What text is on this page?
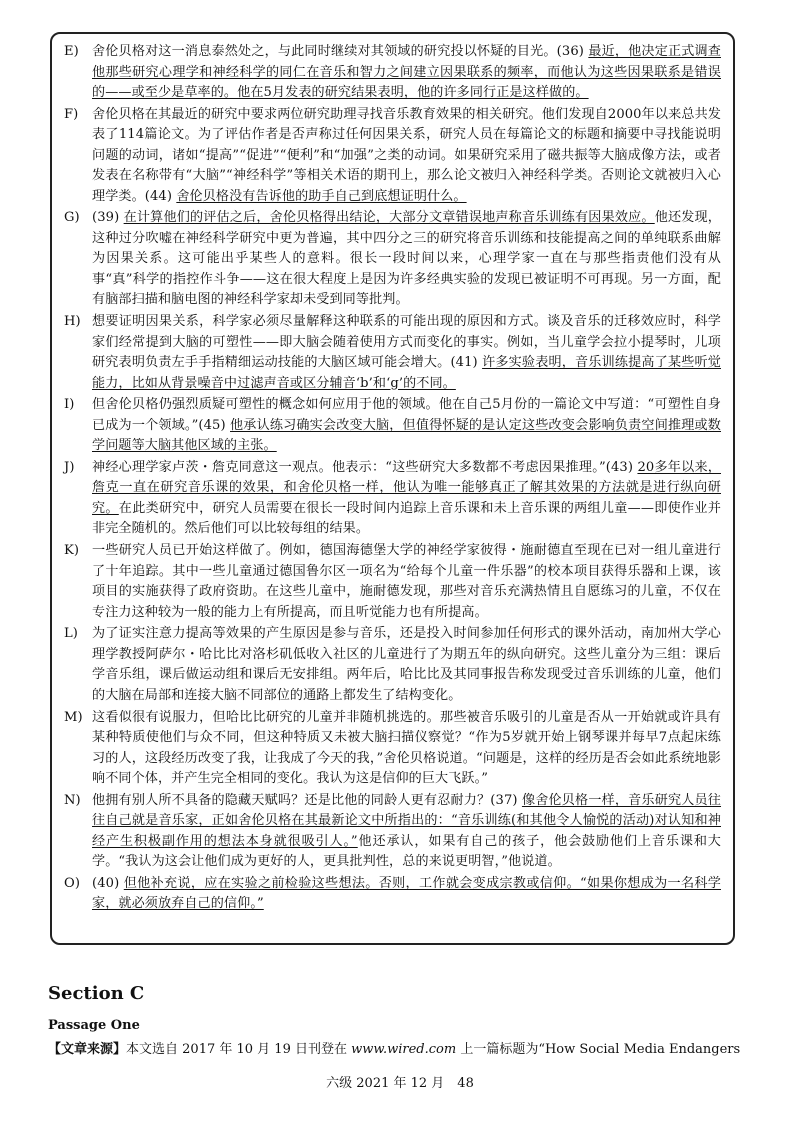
E) 舍伦贝格对这一消息泰然处之，与此同时继续对其领域的研究投以怀疑的目光。(36) 最近，他决定正式调查他那些研究心理学和神经科学的同仁在音乐和智力之间建立因果联系的频率，而他认为这些因果联系是错误的——或至少是草率的。他在5月发表的研究结果表明，他的许多同行正是这样做的。
F) 舍伦贝格在其最近的研究中要求两位研究助理寻找音乐教育效果的相关研究。他们发现自2000年以来总共发表了114篇论文。为了评估作者是否声称过任何因果关系，研究人员在每篇论文的标题和摘要中寻找能说明问题的动词，诸如“提高”“促进”“便利”和“加强”之类的动词。如果研究采用了磁共振等大脑成像方法，或者发表在名称带有“大脑”“神经科学”等相关术语的期刊上，那么论文被归入神经科学类。否则论文就被归入心理学类。(44) 舍伦贝格没有告诉他的助手自己到底想证明什么。
G) (39) 在计算他们的评估之后，舍伦贝格得出结论，大部分文章错误地声称音乐训练有因果效应。他还发现，这种过分吹嘘在神经科学研究中更为普遍，其中四分之三的研究将音乐训练和技能提高之间的单纯联系曲解为因果关系。这可能出乎某些人的意料。很长一段时间以来，心理学家一直在与那些指责他们没有从事“真”科学的指控作斗争——这在很大程度上是因为许多经典实验的发现已被证明不可再现。另一方面，配有脑部扫描和脑电图的神经科学家却未受到同等批判。
H) 想要证明因果关系，科学家必须尽量解释这种联系的可能出现的原因和方式。谈及音乐的迁移效应时，科学家们经常提到大脑的可塑性——即大脑会随着使用方式而变化的事实。例如，当儿童学会拉小提琴时，儿项研究表明负责左手手指精细运动技能的大脑区域可能会增大。(41) 许多实验表明，音乐训练提高了某些听觉能力，比如从背景噪音中过滤声音或区分辅音‘b’和‘g’的不同。
I) 但舍伦贝格仍强烈质疑可塑性的概念如何应用于他的领域。他在自己5月份的一篇论文中写道：“可塑性自身已成为一个领域。”(45) 他承认练习确实会改变大脑，但值得怀疑的是认定这些改变会影响负责空间推理或数学问题等大脑其他区域的主张。
J) 神经心理学家卢茨・詹克同意这一观点。他表示：“这些研究大多数都不考虑因果推理。”(43) 20多年以来，詹克一直在研究音乐课的效果，和舍伦贝格一样，他认为唯一能够真正了解其效果的方法就是进行纵向研究。在此类研究中，研究人员需要在很长一段时间内追踪上音乐课和未上音乐课的两组儿童——即使作业并非完全随机的。然后他们可以比较每组的结果。
K) 一些研究人员已开始这样做了。例如，德国海德堡大学的神经学家彼得・施耐德直至现在已对一组儿童进行了十年追踪。其中一些儿童通过德国鲁尔区一项名为“给每个儿童一件乐器”的校本项目获得乐器和上课，该项目的实施获得了政府资助。在这些儿童中，施耐德发现，那些对音乐充满热情且自愿练习的儿童，不仅在专注力这种较为一般的能力上有所提高，而且听觉能力也有所提高。
L) 为了证实注意力提高等效果的产生原因是参与音乐，还是投入时间参加任何形式的课外活动，南加州大学心理学教授阿萨尔・哈比比对洛杉矶低收入社区的儿童进行了为期五年的纵向研究。这些儿童分为三组：课后学音乐组，课后做运动组和课后无安排组。两年后，哈比比及其同事报告称发现受过音乐训练的儿童，他们的大脑在局部和连接大脑不同部位的通路上都发生了结构变化。
M) 这看似很有说服力，但哈比比研究的儿童并非随机挑选的。那些被音乐吸引的儿童是否从一开始就或许具有某种特质使他们与众不同，但这种特质又未被大脑扫描仪察觉？“作为5岁就开始上钢琴课并每早7点起床练习的人，这段经历改变了我，让我成了今天的我，”舍伦贝格说道。“问题是，这样的经历是否会如此系统地影响不同个体，并产生完全相同的变化。我认为这是信仰的巨大飞跃。”
N) 他拥有别人所不具备的隐藏天赋吗？还是比他的同龄人更有忍耐力？(37) 像舍伦贝格一样，音乐研究人员往往自己就是音乐家，正如舍伦贝格在其最新论文中所指出的：“音乐训练(和其他令人愉悦的活动)对认知和神经产生积极副作用的想法本身就很吸引人。”他还承认，如果有自己的孩子，他会鼓励他们上音乐课和大学。“我认为这会让他们成为更好的人，更具批判性，总的来说更明智，”他说道。
O) (40) 但他补充说，应在实验之前检验这些想法。否则，工作就会变成宗教或信仰。“如果你想成为一名科学家，就必须放弃自己的信仰。”
Section C
Passage One
【文章来源】本文选自 2017 年 10 月 19 日刊登在 www.wired.com 上一篇标题为“How Social Media Endangers
六级 2021 年 12 月　48
